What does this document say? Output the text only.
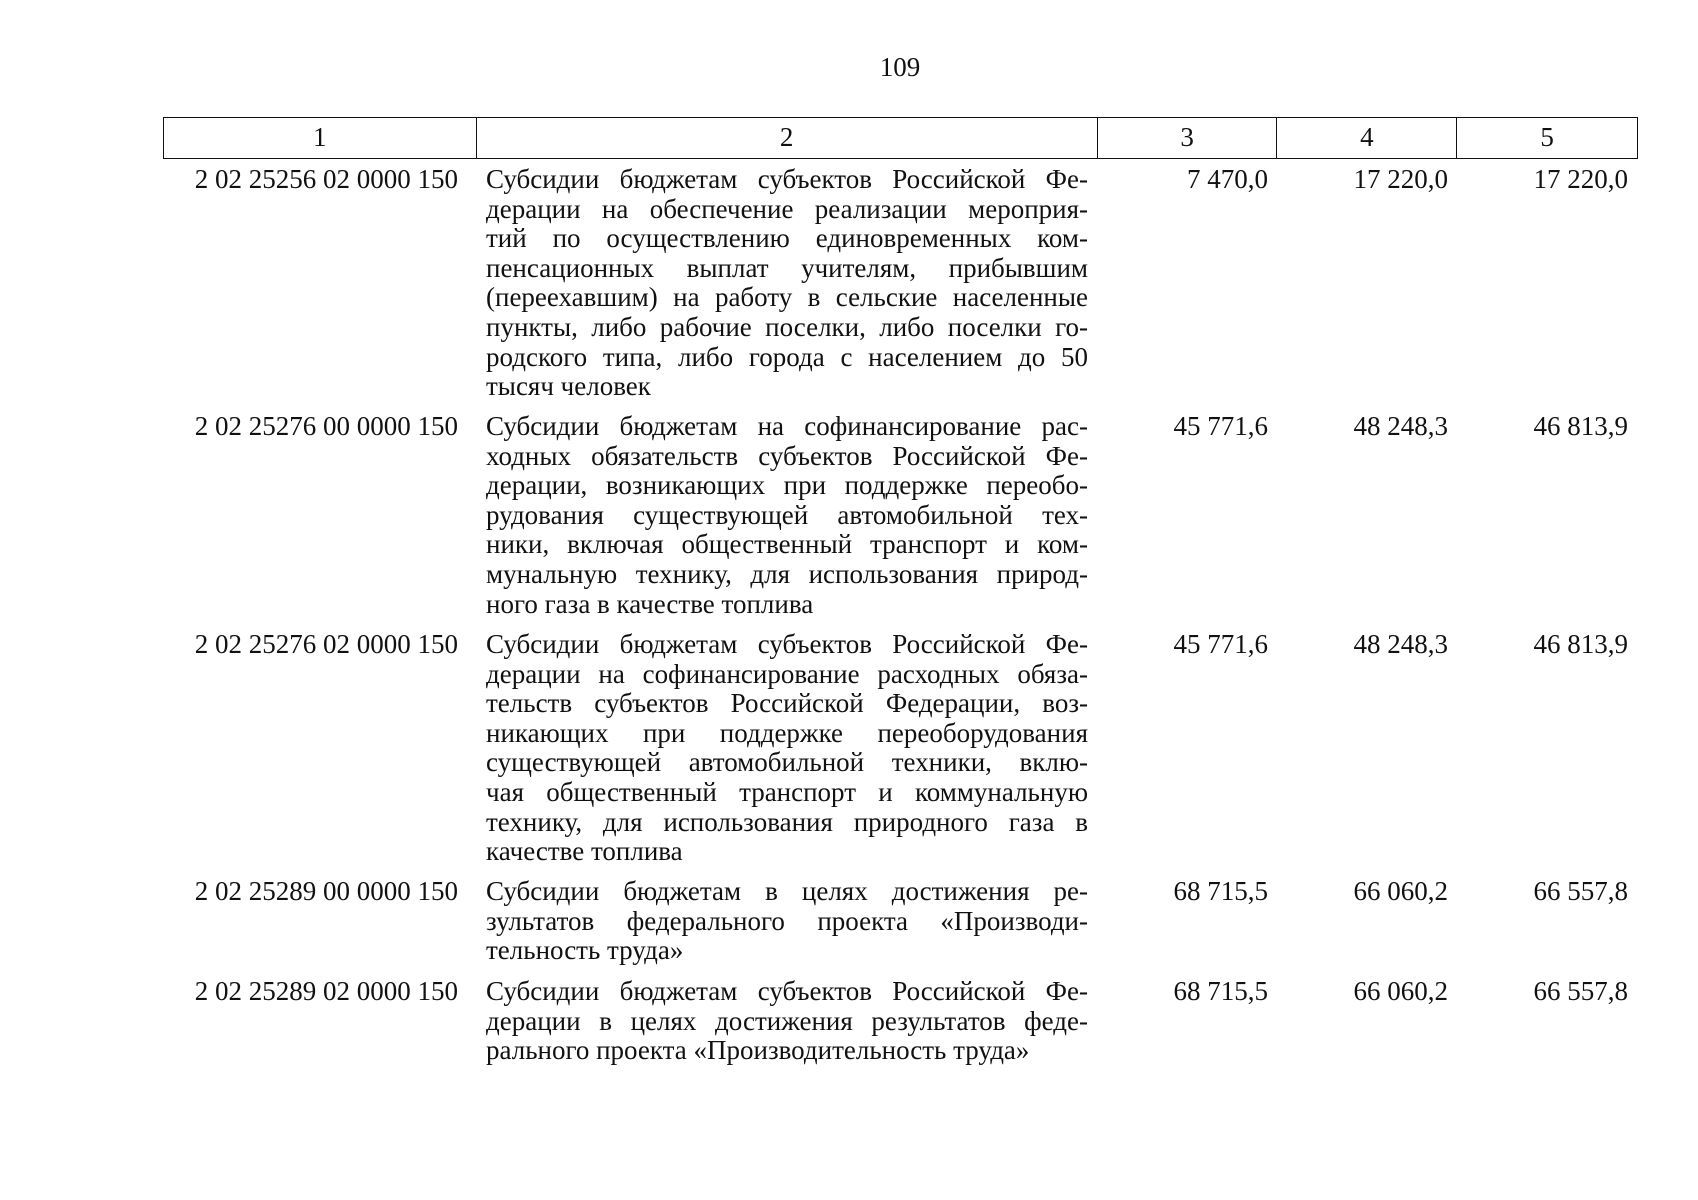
109
1	2	3	4	5
2 02 25256 02 0000 150	Субсидии бюджетам субъектов Российской Фе-
дерации на обеспечение реализации мероприя-
тий по осуществлению единовременных ком-
пенсационных выплат учителям, прибывшим
(переехавшим) на работу в сельские населенные
пункты, либо рабочие поселки, либо поселки го-
родского типа, либо города с населением до 50
тысяч человек
7 470,0	17 220,0	17 220,0
2 02 25276 00 0000 150	Субсидии бюджетам на софинансирование рас-
ходных обязательств субъектов Российской Фе-
дерации, возникающих при поддержке переобо-
рудования существующей автомобильной тех-
ники, включая общественный транспорт и ком-
мунальную технику, для использования природ-
ного газа в качестве топлива
45 771,6	48 248,3	46 813,9
2 02 25276 02 0000 150	Субсидии бюджетам субъектов Российской Фе-
дерации на софинансирование расходных обяза-
тельств субъектов Российской Федерации, воз-
никающих при поддержке переоборудования
существующей автомобильной техники, вклю-
чая общественный транспорт и коммунальную
технику, для использования природного газа в
качестве топлива
45 771,6	48 248,3	46 813,9
2 02 25289 00 0000 150	Субсидии бюджетам в целях достижения ре-
зультатов федерального проекта «Производи-
тельность труда»
68 715,5	66 060,2	66 557,8
2 02 25289 02 0000 150	Субсидии бюджетам субъектов Российской Фе-
дерации в целях достижения результатов феде-
рального проекта «Производительность труда»
68 715,5	66 060,2	66 557,8
